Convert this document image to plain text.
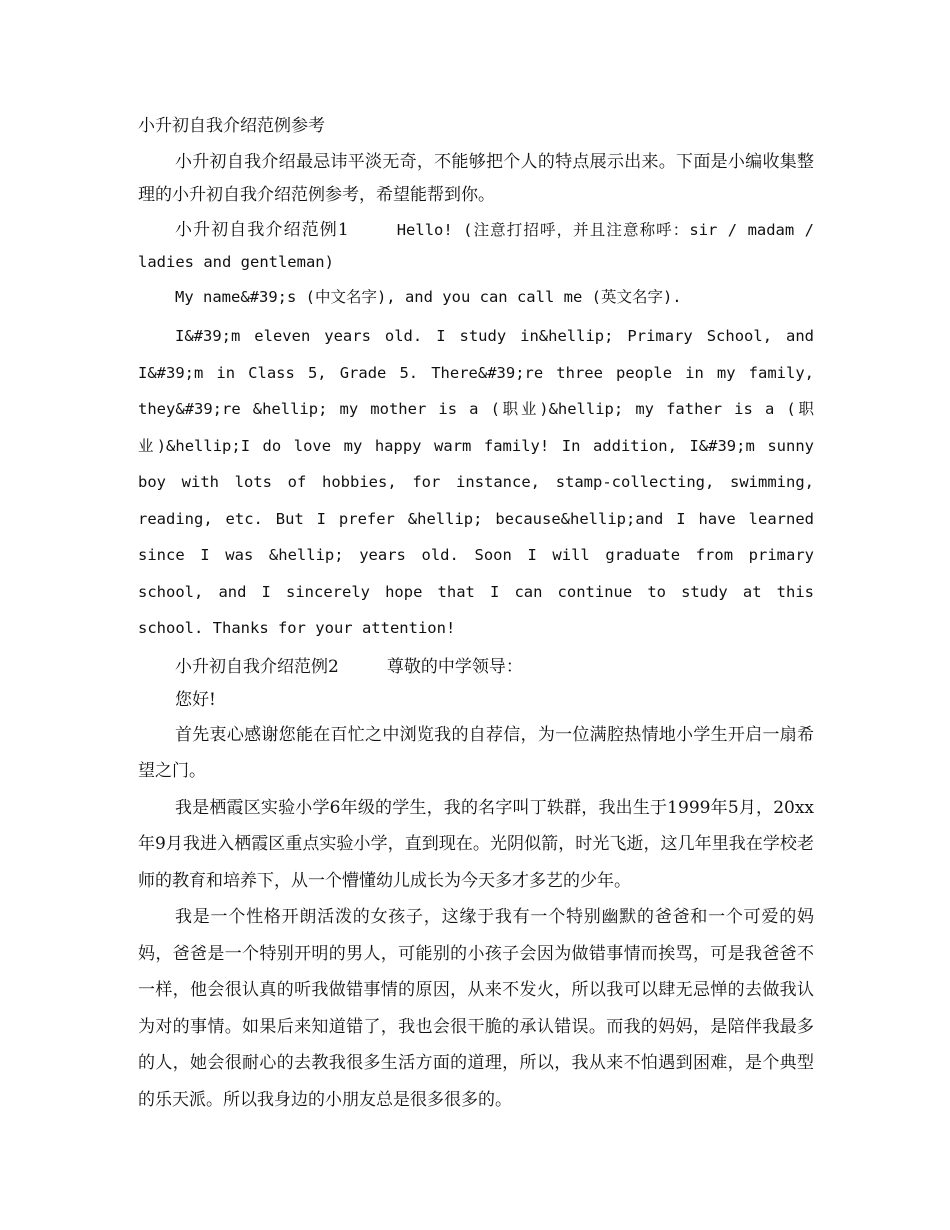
小升初自我介绍范例参考

小升初自我介绍最忌讳平淡无奇，不能够把个人的特点展示出来。下面是小编收集整理的小升初自我介绍范例参考，希望能帮到你。

小升初自我介绍范例1	Hello! (注意打招呼，并且注意称呼：sir / madam / ladies and gentleman)

My name&#39;s (中文名字), and you can call me (英文名字).

I&#39;m eleven years old. I study in&hellip; Primary School, and I&#39;m in Class 5, Grade 5. There&#39;re three people in my family, they&#39;re &hellip; my mother is a (职业)&hellip; my father is a (职业)&hellip;I do love my happy warm family! In addition, I&#39;m sunny boy with lots of hobbies, for instance, stamp-collecting, swimming, reading, etc. But I prefer &hellip; because&hellip;and I have learned since I was &hellip; years old. Soon I will graduate from primary school, and I sincerely hope that I can continue to study at this school. Thanks for your attention!

小升初自我介绍范例2	尊敬的中学领导：

您好!

首先衷心感谢您能在百忙之中浏览我的自荐信，为一位满腔热情地小学生开启一扇希望之门。

我是栖霞区实验小学6年级的学生，我的名字叫丁轶群，我出生于1999年5月，20xx年9月我进入栖霞区重点实验小学，直到现在。光阴似箭，时光飞逝，这几年里我在学校老师的教育和培养下，从一个懵懂幼儿成长为今天多才多艺的少年。

我是一个性格开朗活泼的女孩子，这缘于我有一个特别幽默的爸爸和一个可爱的妈妈，爸爸是一个特别开明的男人，可能别的小孩子会因为做错事情而挨骂，可是我爸爸不一样，他会很认真的听我做错事情的原因，从来不发火，所以我可以肆无忌惮的去做我认为对的事情。如果后来知道错了，我也会很干脆的承认错误。而我的妈妈，是陪伴我最多的人，她会很耐心的去教我很多生活方面的道理，所以，我从来不怕遇到困难，是个典型的乐天派。所以我身边的小朋友总是很多很多的。
